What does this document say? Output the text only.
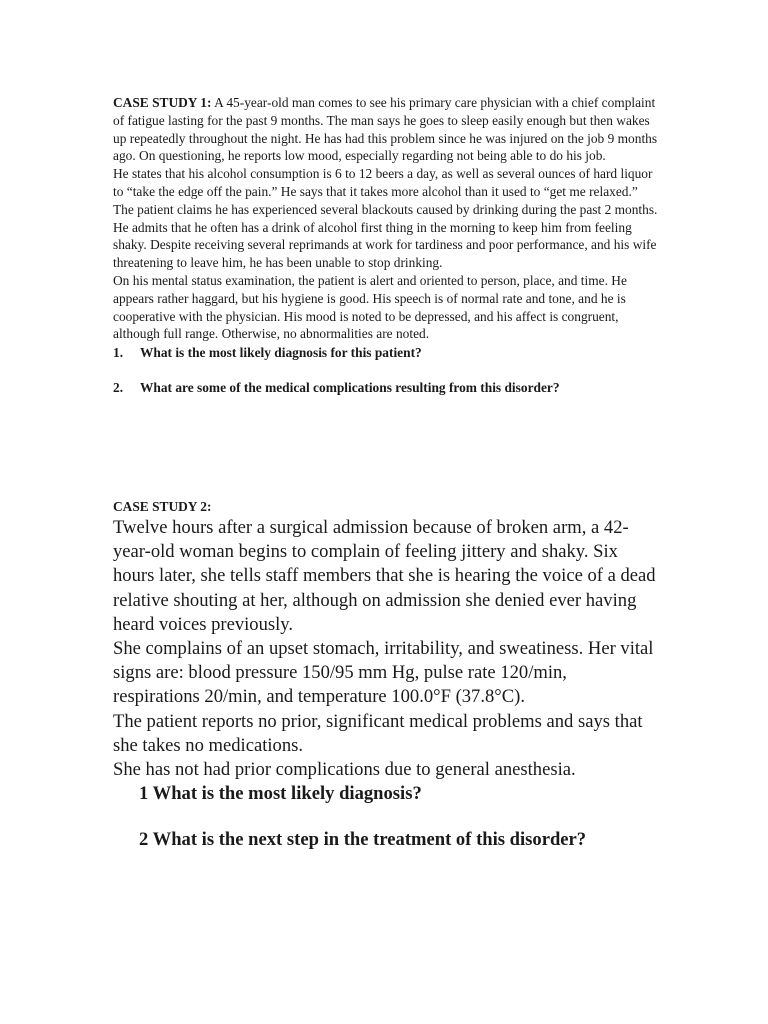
CASE STUDY 1: A 45-year-old man comes to see his primary care physician with a chief complaint of fatigue lasting for the past 9 months. The man says he goes to sleep easily enough but then wakes up repeatedly throughout the night. He has had this problem since he was injured on the job 9 months ago. On questioning, he reports low mood, especially regarding not being able to do his job.

He states that his alcohol consumption is 6 to 12 beers a day, as well as several ounces of hard liquor to “take the edge off the pain.” He says that it takes more alcohol than it used to “get me relaxed.” The patient claims he has experienced several blackouts caused by drinking during the past 2 months.

He admits that he often has a drink of alcohol first thing in the morning to keep him from feeling shaky. Despite receiving several reprimands at work for tardiness and poor performance, and his wife threatening to leave him, he has been unable to stop drinking.

On his mental status examination, the patient is alert and oriented to person, place, and time. He appears rather haggard, but his hygiene is good. His speech is of normal rate and tone, and he is cooperative with the physician. His mood is noted to be depressed, and his affect is congruent, although full range. Otherwise, no abnormalities are noted.

1.	What is the most likely diagnosis for this patient?
2.	What are some of the medical complications resulting from this disorder?

CASE STUDY 2:

Twelve hours after a surgical admission because of broken arm, a 42-year-old woman begins to complain of feeling jittery and shaky. Six hours later, she tells staff members that she is hearing the voice of a dead relative shouting at her, although on admission she denied ever having heard voices previously.

She complains of an upset stomach, irritability, and sweatiness. Her vital signs are: blood pressure 150/95 mm Hg, pulse rate 120/min, respirations 20/min, and temperature 100.0°F (37.8°C).

The patient reports no prior, significant medical problems and says that she takes no medications.

She has not had prior complications due to general anesthesia.

1 What is the most likely diagnosis?

2 What is the next step in the treatment of this disorder?
